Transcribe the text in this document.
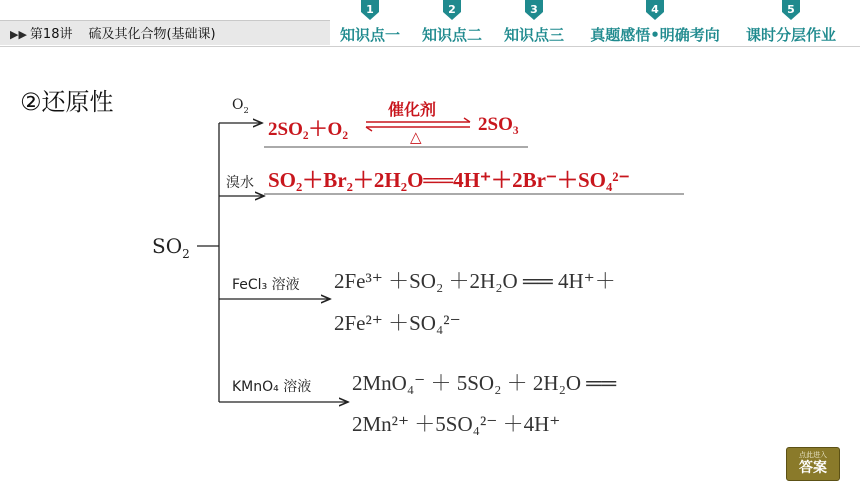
▶▶ 第18讲 硫及其化合物(基础课)
1
知识点一
2
知识点二
3
知识点三
4
真题感悟•明确考向
5
课时分层作业
②还原性
$SO_2$
$O_2$
2SO₂＋O₂
催化剂
△
2SO₃
溴水 SO₂＋Br₂＋2H₂O══4H⁺＋2Br⁻＋SO₄²⁻
FeCl₃ 溶液 2Fe³⁺ ＋SO₂ ＋2H₂O ══ 4H⁺＋
2Fe²⁺ ＋SO₄²⁻
KMnO₄ 溶液 2MnO₄⁻ ＋ 5SO₂ ＋ 2H₂O ══
2Mn²⁺ ＋5SO₄²⁻ ＋4H⁺
点此进入
答案
